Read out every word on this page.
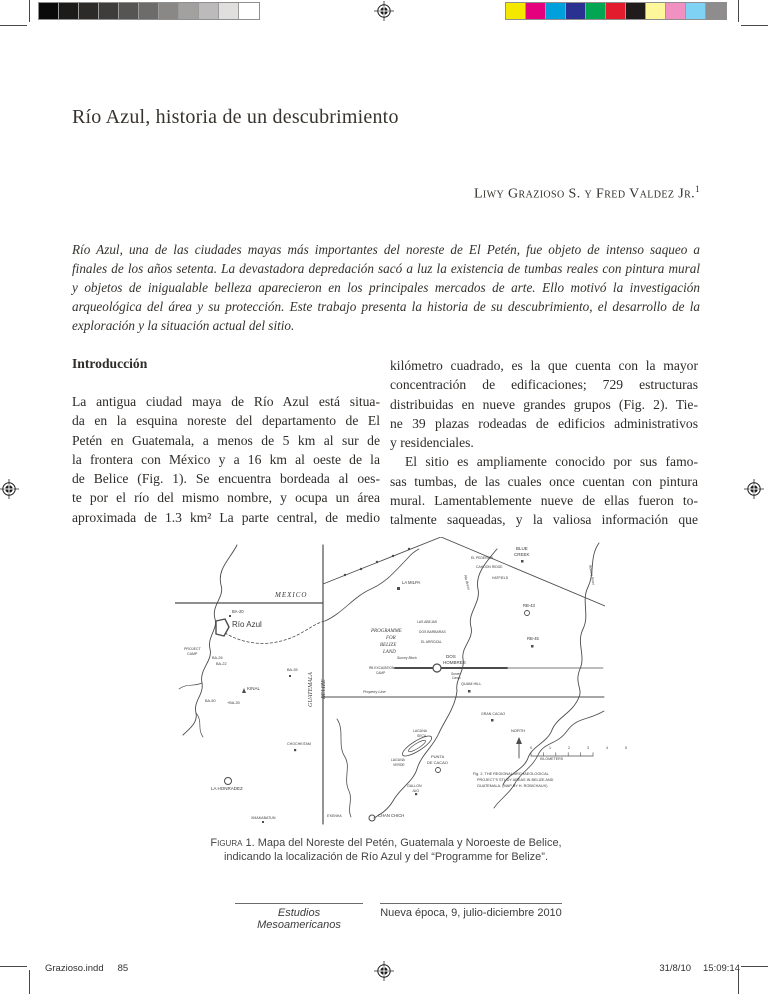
Río Azul, historia de un descubrimiento
Liwy Grazioso S. y Fred Valdez Jr.$^1$
Río Azul, una de las ciudades mayas más importantes del noreste de El Petén, fue objeto de intenso saqueo a
finales de los años setenta. La devastadora depredación sacó a luz la existencia de tumbas reales con pintura mural
y objetos de inigualable belleza aparecieron en los principales mercados de arte. Ello motivó la investigación
arqueológica del área y su protección. Este trabajo presenta la historia de su descubrimiento, el desarrollo de la
exploración y la situación actual del sitio.
Introducción
La antigua ciudad maya de Río Azul está situa-
da en la esquina noreste del departamento de El
Petén en Guatemala, a menos de 5 km al sur de
la frontera con México y a 16 km al oeste de la
de Belice (Fig. 1). Se encuentra bordeada al oes-
te por el río del mismo nombre, y ocupa un área
aproximada de 1.3 km² La parte central, de medio
kilómetro cuadrado, es la que cuenta con la mayor
concentración de edificaciones; 729 estructuras
distribuidas en nueve grandes grupos (Fig. 2). Tie-
ne 39 plazas rodeadas de edificios administrativos
y residenciales.
El sitio es ampliamente conocido por sus famo-
sas tumbas, de las cuales once cuentan con pintura
mural. Lamentablemente nueve de ellas fueron to-
talmente saqueadas, y la valiosa información que
MEXICO
GUATEMALA BELIZE
Río Azul
BA-20
PROJECT
CAMP
BA-26
BA-22
BA-50	+BA-30
KINAL
BA-35
LA HONRADEZ
CHOCHKITAM
XMAKABATUN
LA MILPA
EL PEDERNAL
CAHOON RIDGE
HATFIELD
BLUE
CREEK
RB-43
RB-45
PROGRAMME
FOR
BELIZE
LAND
LAS ABEJAS
DOS BARBARAS
EL ARROZAL
Survey Block	DOS
HOMBRES
RB EXCAVATION
CAMP	Survey
Camp
Property Line
QUAM HILL
GRAN CACAO
LAGUNA
SECA
LAGUNA
VERDE
PUNTA
DE CACAO
GALLON
JUG
E'KENHA	CHAN CHICH
NORTH
0 1 2 3 4 5
KILOMETERS
Fig. 2. THE REGIONAL ARCHAEOLOGICAL
PROJECT'S STUDY AREAS IN BELIZE AND
GUATEMALA. (MAP BY H. ROBICHAUX)
Booth's River
Rio Bravo
Figura 1. Mapa del Noreste del Petén, Guatemala y Noroeste de Belice,
indicando la localización de Río Azul y del “Programme for Belize”.
Estudios Mesoamericanos
Nueva época, 9, julio-diciembre 2010
Grazioso.indd 85	31/8/10 15:09:14
